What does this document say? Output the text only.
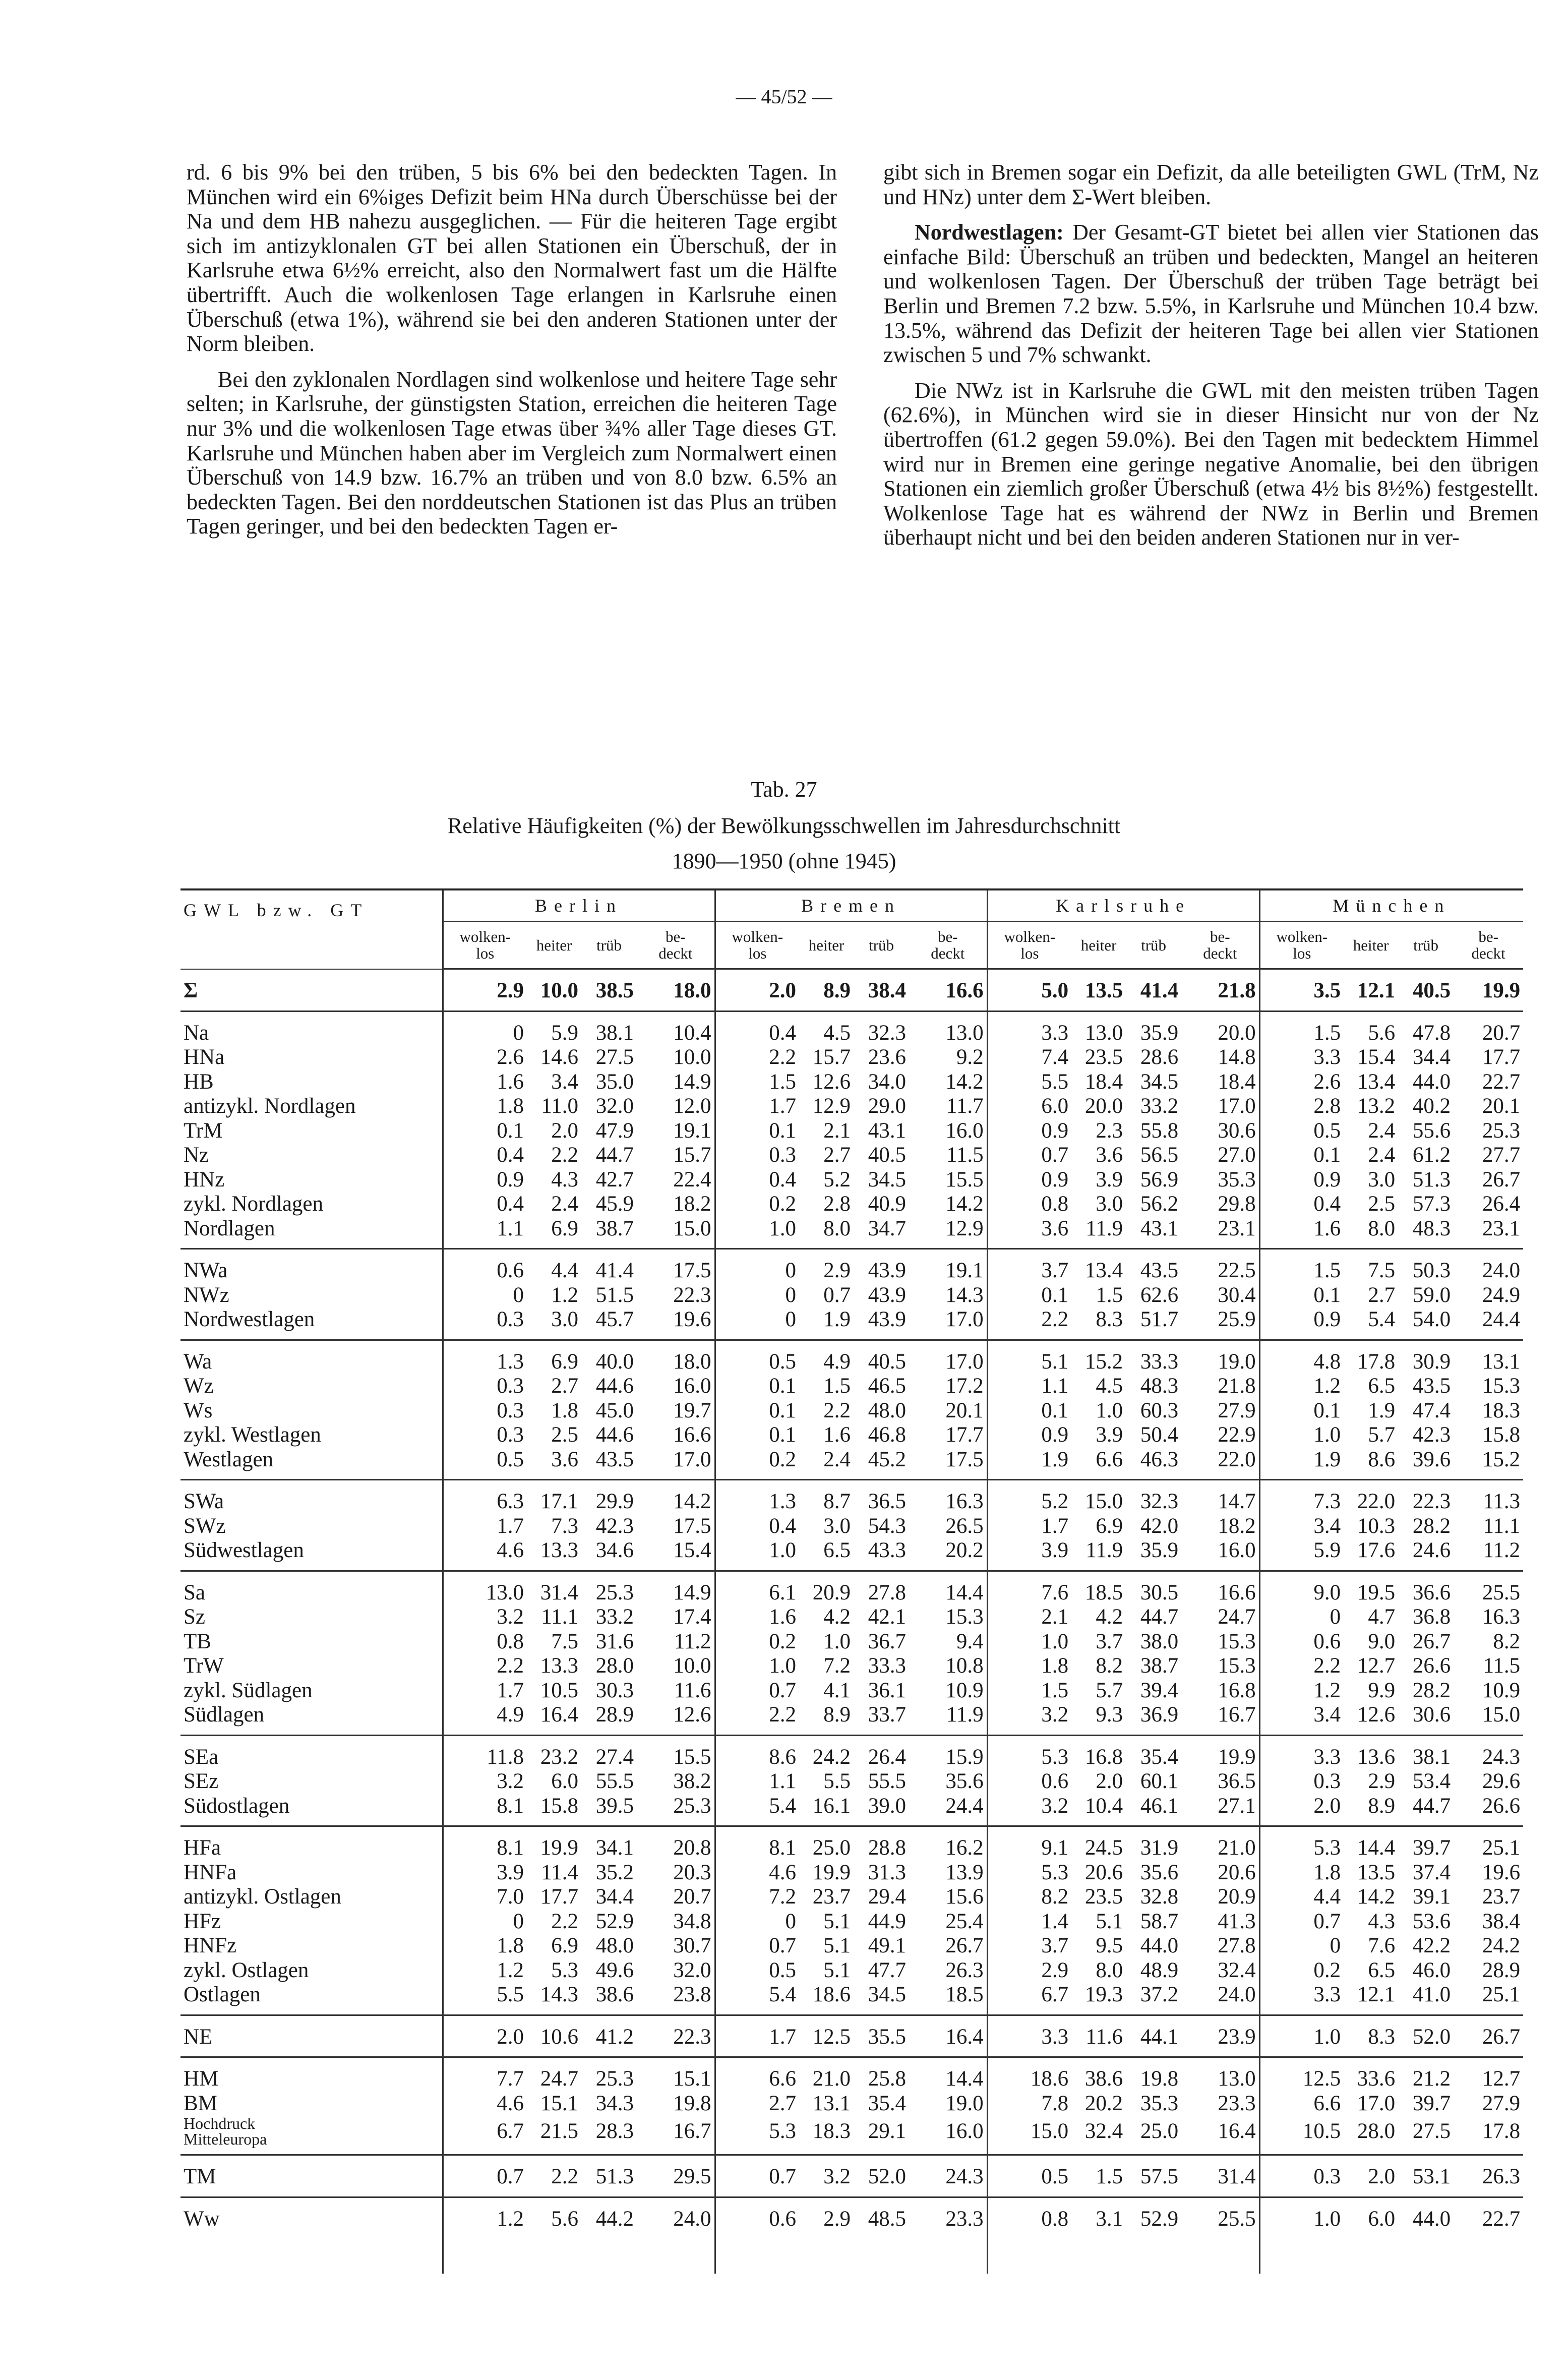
— 45/52 —

rd. 6 bis 9% bei den trüben, 5 bis 6% bei den bedeckten Tagen. In München wird ein 6%iges Defizit beim HNa durch Überschüsse bei der Na und dem HB nahezu ausgeglichen. — Für die heiteren Tage ergibt sich im antizyklonalen GT bei allen Stationen ein Überschuß, der in Karlsruhe etwa 6½% erreicht, also den Normalwert fast um die Hälfte übertrifft. Auch die wolkenlosen Tage erlangen in Karlsruhe einen Überschuß (etwa 1%), während sie bei den anderen Stationen unter der Norm bleiben.

Bei den zyklonalen Nordlagen sind wolkenlose und heitere Tage sehr selten; in Karlsruhe, der günstigsten Station, erreichen die heiteren Tage nur 3% und die wolkenlosen Tage etwas über ¾% aller Tage dieses GT. Karlsruhe und München haben aber im Vergleich zum Normalwert einen Überschuß von 14.9 bzw. 16.7% an trüben und von 8.0 bzw. 6.5% an bedeckten Tagen. Bei den norddeutschen Stationen ist das Plus an trüben Tagen geringer, und bei den bedeckten Tagen er-

gibt sich in Bremen sogar ein Defizit, da alle beteiligten GWL (TrM, Nz und HNz) unter dem Σ-Wert bleiben.

Nordwestlagen: Der Gesamt-GT bietet bei allen vier Stationen das einfache Bild: Überschuß an trüben und bedeckten, Mangel an heiteren und wolkenlosen Tagen. Der Überschuß der trüben Tage beträgt bei Berlin und Bremen 7.2 bzw. 5.5%, in Karlsruhe und München 10.4 bzw. 13.5%, während das Defizit der heiteren Tage bei allen vier Stationen zwischen 5 und 7% schwankt.

Die NWz ist in Karlsruhe die GWL mit den meisten trüben Tagen (62.6%), in München wird sie in dieser Hinsicht nur von der Nz übertroffen (61.2 gegen 59.0%). Bei den Tagen mit bedecktem Himmel wird nur in Bremen eine geringe negative Anomalie, bei den übrigen Stationen ein ziemlich großer Überschuß (etwa 4½ bis 8½%) festgestellt. Wolkenlose Tage hat es während der NWz in Berlin und Bremen überhaupt nicht und bei den beiden anderen Stationen nur in ver-

Tab. 27
Relative Häufigkeiten (%) der Bewölkungsschwellen im Jahresdurchschnitt
1890—1950 (ohne 1945)
GWL bzw. GT	Berlin				Bremen				Karlsruhe				München			
	wolken-
los	heiter	trüb	be-
deckt	wolken-
los	heiter	trüb	be-
deckt	wolken-
los	heiter	trüb	be-
deckt	wolken-
los	heiter	trüb	be-
deckt
Σ	2.9	10.0	38.5	18.0	2.0	8.9	38.4	16.6	5.0	13.5	41.4	21.8	3.5	12.1	40.5	19.9
Na	0	5.9	38.1	10.4	0.4	4.5	32.3	13.0	3.3	13.0	35.9	20.0	1.5	5.6	47.8	20.7
HNa	2.6	14.6	27.5	10.0	2.2	15.7	23.6	9.2	7.4	23.5	28.6	14.8	3.3	15.4	34.4	17.7
HB	1.6	3.4	35.0	14.9	1.5	12.6	34.0	14.2	5.5	18.4	34.5	18.4	2.6	13.4	44.0	22.7
antizykl. Nordlagen	1.8	11.0	32.0	12.0	1.7	12.9	29.0	11.7	6.0	20.0	33.2	17.0	2.8	13.2	40.2	20.1
TrM	0.1	2.0	47.9	19.1	0.1	2.1	43.1	16.0	0.9	2.3	55.8	30.6	0.5	2.4	55.6	25.3
Nz	0.4	2.2	44.7	15.7	0.3	2.7	40.5	11.5	0.7	3.6	56.5	27.0	0.1	2.4	61.2	27.7
HNz	0.9	4.3	42.7	22.4	0.4	5.2	34.5	15.5	0.9	3.9	56.9	35.3	0.9	3.0	51.3	26.7
zykl. Nordlagen	0.4	2.4	45.9	18.2	0.2	2.8	40.9	14.2	0.8	3.0	56.2	29.8	0.4	2.5	57.3	26.4
Nordlagen	1.1	6.9	38.7	15.0	1.0	8.0	34.7	12.9	3.6	11.9	43.1	23.1	1.6	8.0	48.3	23.1
NWa	0.6	4.4	41.4	17.5	0	2.9	43.9	19.1	3.7	13.4	43.5	22.5	1.5	7.5	50.3	24.0
NWz	0	1.2	51.5	22.3	0	0.7	43.9	14.3	0.1	1.5	62.6	30.4	0.1	2.7	59.0	24.9
Nordwestlagen	0.3	3.0	45.7	19.6	0	1.9	43.9	17.0	2.2	8.3	51.7	25.9	0.9	5.4	54.0	24.4
Wa	1.3	6.9	40.0	18.0	0.5	4.9	40.5	17.0	5.1	15.2	33.3	19.0	4.8	17.8	30.9	13.1
Wz	0.3	2.7	44.6	16.0	0.1	1.5	46.5	17.2	1.1	4.5	48.3	21.8	1.2	6.5	43.5	15.3
Ws	0.3	1.8	45.0	19.7	0.1	2.2	48.0	20.1	0.1	1.0	60.3	27.9	0.1	1.9	47.4	18.3
zykl. Westlagen	0.3	2.5	44.6	16.6	0.1	1.6	46.8	17.7	0.9	3.9	50.4	22.9	1.0	5.7	42.3	15.8
Westlagen	0.5	3.6	43.5	17.0	0.2	2.4	45.2	17.5	1.9	6.6	46.3	22.0	1.9	8.6	39.6	15.2
SWa	6.3	17.1	29.9	14.2	1.3	8.7	36.5	16.3	5.2	15.0	32.3	14.7	7.3	22.0	22.3	11.3
SWz	1.7	7.3	42.3	17.5	0.4	3.0	54.3	26.5	1.7	6.9	42.0	18.2	3.4	10.3	28.2	11.1
Südwestlagen	4.6	13.3	34.6	15.4	1.0	6.5	43.3	20.2	3.9	11.9	35.9	16.0	5.9	17.6	24.6	11.2
Sa	13.0	31.4	25.3	14.9	6.1	20.9	27.8	14.4	7.6	18.5	30.5	16.6	9.0	19.5	36.6	25.5
Sz	3.2	11.1	33.2	17.4	1.6	4.2	42.1	15.3	2.1	4.2	44.7	24.7	0	4.7	36.8	16.3
TB	0.8	7.5	31.6	11.2	0.2	1.0	36.7	9.4	1.0	3.7	38.0	15.3	0.6	9.0	26.7	8.2
TrW	2.2	13.3	28.0	10.0	1.0	7.2	33.3	10.8	1.8	8.2	38.7	15.3	2.2	12.7	26.6	11.5
zykl. Südlagen	1.7	10.5	30.3	11.6	0.7	4.1	36.1	10.9	1.5	5.7	39.4	16.8	1.2	9.9	28.2	10.9
Südlagen	4.9	16.4	28.9	12.6	2.2	8.9	33.7	11.9	3.2	9.3	36.9	16.7	3.4	12.6	30.6	15.0
SEa	11.8	23.2	27.4	15.5	8.6	24.2	26.4	15.9	5.3	16.8	35.4	19.9	3.3	13.6	38.1	24.3
SEz	3.2	6.0	55.5	38.2	1.1	5.5	55.5	35.6	0.6	2.0	60.1	36.5	0.3	2.9	53.4	29.6
Südostlagen	8.1	15.8	39.5	25.3	5.4	16.1	39.0	24.4	3.2	10.4	46.1	27.1	2.0	8.9	44.7	26.6
HFa	8.1	19.9	34.1	20.8	8.1	25.0	28.8	16.2	9.1	24.5	31.9	21.0	5.3	14.4	39.7	25.1
HNFa	3.9	11.4	35.2	20.3	4.6	19.9	31.3	13.9	5.3	20.6	35.6	20.6	1.8	13.5	37.4	19.6
antizykl. Ostlagen	7.0	17.7	34.4	20.7	7.2	23.7	29.4	15.6	8.2	23.5	32.8	20.9	4.4	14.2	39.1	23.7
HFz	0	2.2	52.9	34.8	0	5.1	44.9	25.4	1.4	5.1	58.7	41.3	0.7	4.3	53.6	38.4
HNFz	1.8	6.9	48.0	30.7	0.7	5.1	49.1	26.7	3.7	9.5	44.0	27.8	0	7.6	42.2	24.2
zykl. Ostlagen	1.2	5.3	49.6	32.0	0.5	5.1	47.7	26.3	2.9	8.0	48.9	32.4	0.2	6.5	46.0	28.9
Ostlagen	5.5	14.3	38.6	23.8	5.4	18.6	34.5	18.5	6.7	19.3	37.2	24.0	3.3	12.1	41.0	25.1
NE	2.0	10.6	41.2	22.3	1.7	12.5	35.5	16.4	3.3	11.6	44.1	23.9	1.0	8.3	52.0	26.7
HM	7.7	24.7	25.3	15.1	6.6	21.0	25.8	14.4	18.6	38.6	19.8	13.0	12.5	33.6	21.2	12.7
BM	4.6	15.1	34.3	19.8	2.7	13.1	35.4	19.0	7.8	20.2	35.3	23.3	6.6	17.0	39.7	27.9
Hochdruck
Mitteleuropa	6.7	21.5	28.3	16.7	5.3	18.3	29.1	16.0	15.0	32.4	25.0	16.4	10.5	28.0	27.5	17.8
TM	0.7	2.2	51.3	29.5	0.7	3.2	52.0	24.3	0.5	1.5	57.5	31.4	0.3	2.0	53.1	26.3
Ww	1.2	5.6	44.2	24.0	0.6	2.9	48.5	23.3	0.8	3.1	52.9	25.5	1.0	6.0	44.0	22.7
